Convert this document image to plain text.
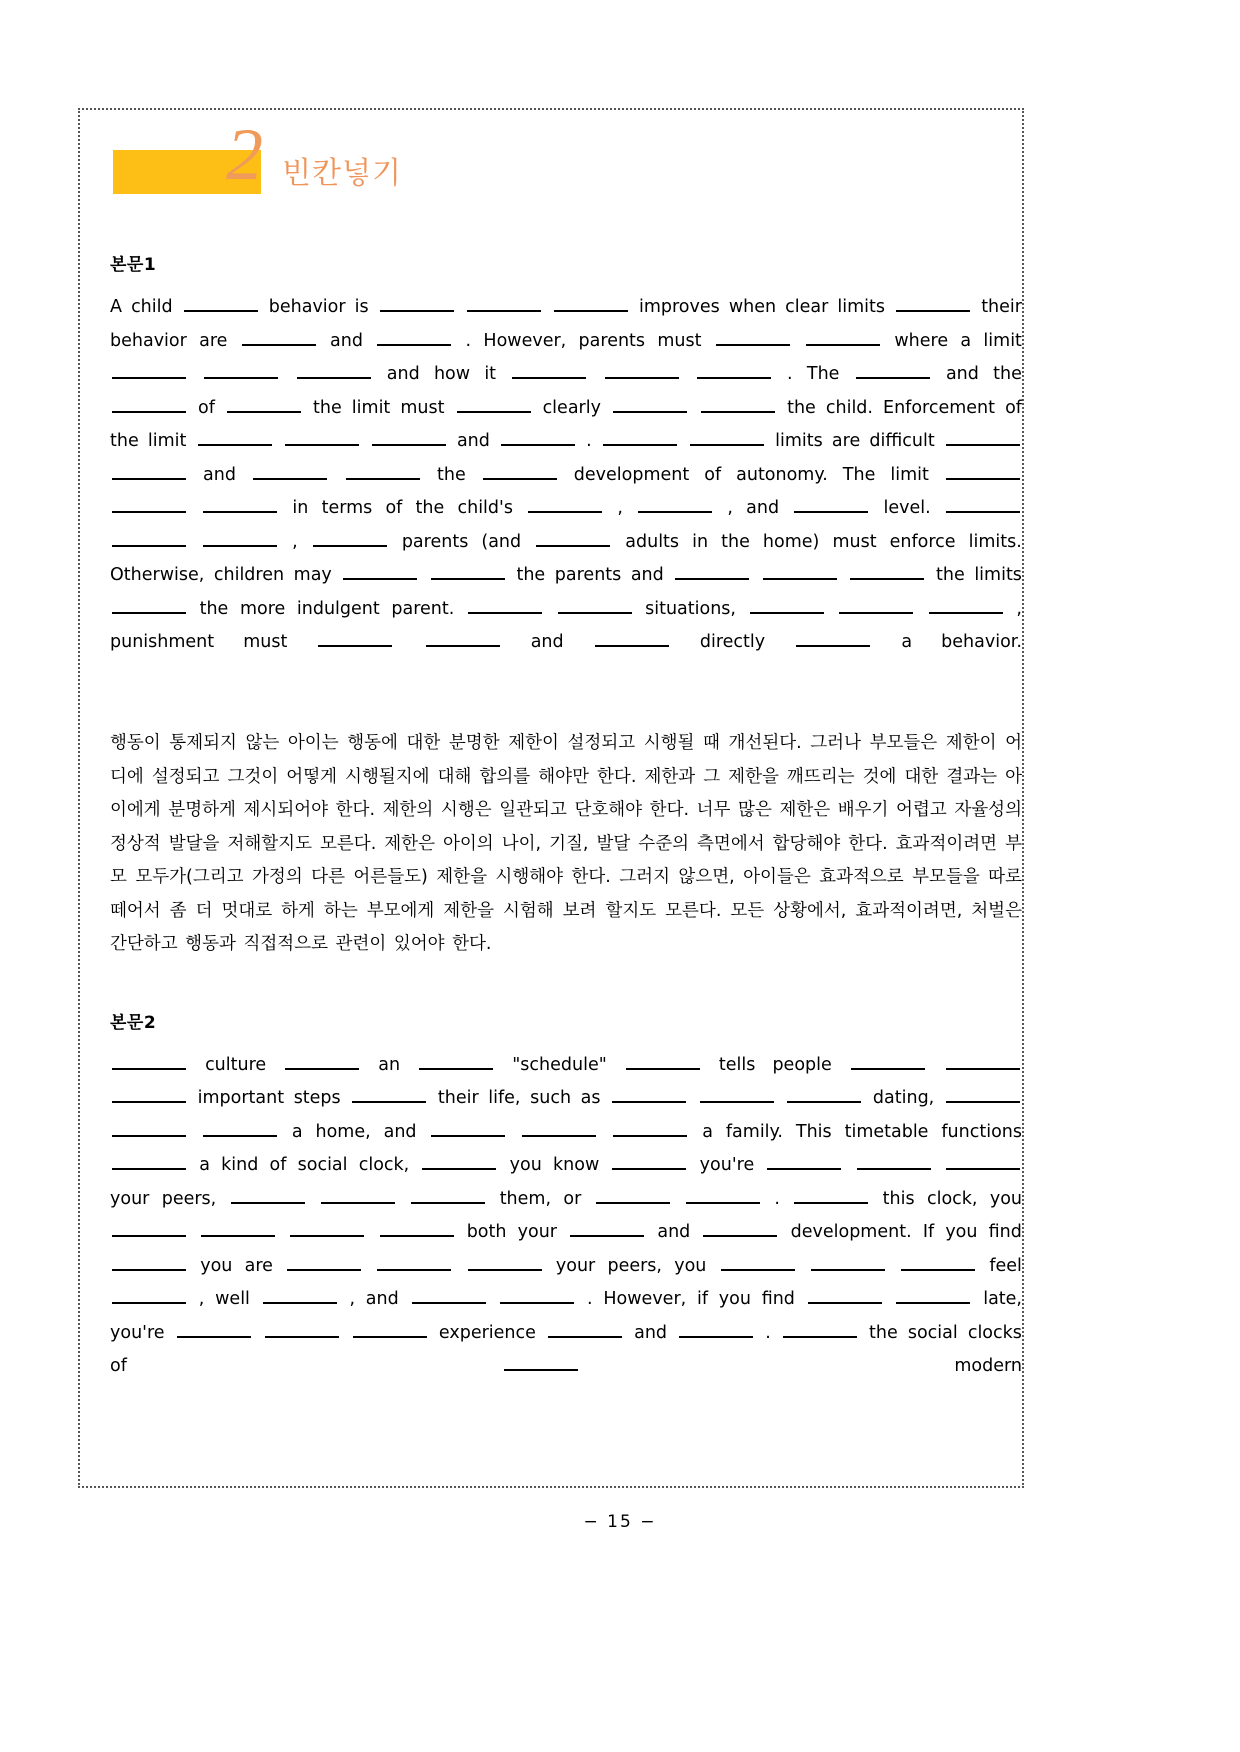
2 빈칸넣기
본문1

A child	behavior is	improves when clear limits	their behavior are	and	. However, parents must	where a limit    and how it	. The	and the  of	the limit must	clearly	the child. Enforcement of the limit	and	.	limits are difficult   and	the	development of autonomy. The limit    in terms of the child's	,	, and	level.    ,	parents (and	adults in the home) must enforce limits. Otherwise, children may	the parents and	the limits  the more indulgent parent.	situations,	, punishment must	and	directly	a behavior.

행동이 통제되지 않는 아이는 행동에 대한 분명한 제한이 설정되고 시행될 때 개선된다. 그러나 부모들은 제한이 어디에 설정되고 그것이 어떻게 시행될지에 대해 합의를 해야만 한다. 제한과 그 제한을 깨뜨리는 것에 대한 결과는 아이에게 분명하게 제시되어야 한다. 제한의 시행은 일관되고 단호해야 한다. 너무 많은 제한은 배우기 어렵고 자율성의 정상적 발달을 저해할지도 모른다. 제한은 아이의 나이, 기질, 발달 수준의 측면에서 합당해야 한다. 효과적이려면 부모 모두가(그리고 가정의 다른 어른들도) 제한을 시행해야 한다. 그러지 않으면, 아이들은 효과적으로 부모들을 따로 떼어서 좀 더 멋대로 하게 하는 부모에게 제한을 시험해 보려 할지도 모른다. 모든 상황에서, 효과적이려면, 처벌은 간단하고 행동과 직접적으로 관련이 있어야 한다.

본문2

culture	an	"schedule"	tells people    important steps	their life, such as	dating,    a home, and	a family. This timetable functions  a kind of social clock,	you know	you're    your peers,	them, or	.	this clock, you     both your	and	development. If you find  you are	your peers, you	feel  , well	, and	. However, if you find	late, you're	experience	and	.	the social clocks of	modern

− 15 −
